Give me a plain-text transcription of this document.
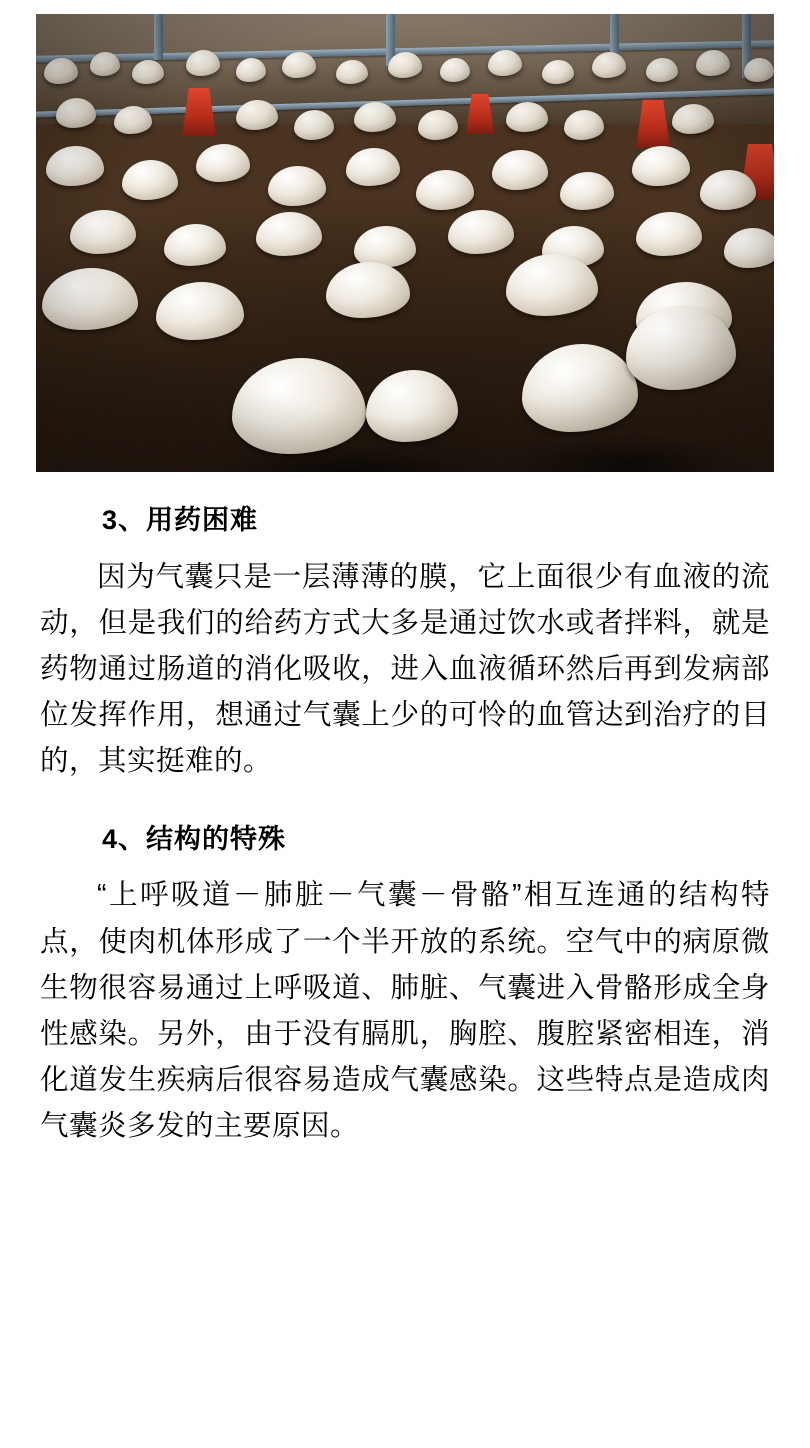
3、用药困难

因为气囊只是一层薄薄的膜，它上面很少有血液的流动，但是我们的给药方式大多是通过饮水或者拌料，就是药物通过肠道的消化吸收，进入血液循环然后再到发病部位发挥作用，想通过气囊上少的可怜的血管达到治疗的目的，其实挺难的。

4、结构的特殊

“上呼吸道－肺脏－气囊－骨骼”相互连通的结构特点，使肉机体形成了一个半开放的系统。空气中的病原微生物很容易通过上呼吸道、肺脏、气囊进入骨骼形成全身性感染。另外，由于没有膈肌，胸腔、腹腔紧密相连，消化道发生疾病后很容易造成气囊感染。这些特点是造成肉气囊炎多发的主要原因。
